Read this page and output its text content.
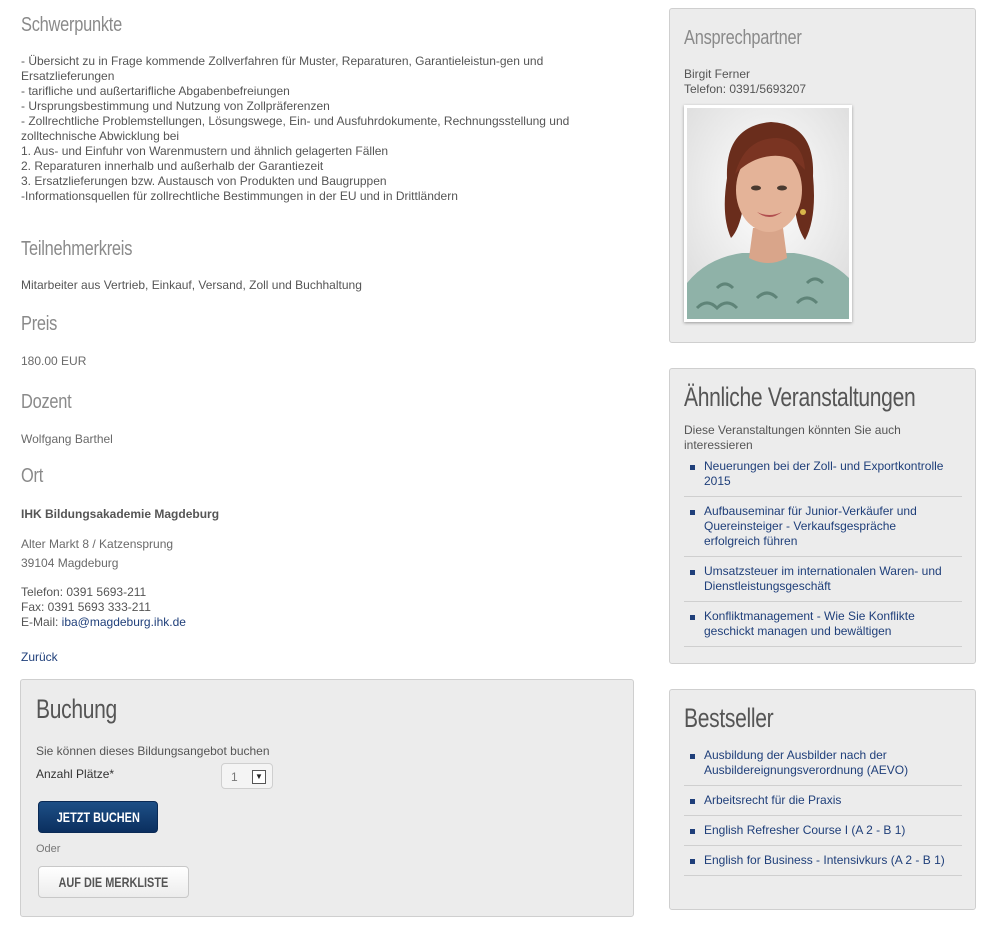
Schwerpunkte
- Übersicht zu in Frage kommende Zollverfahren für Muster, Reparaturen, Garantieleistun-gen und Ersatzlieferungen
- tarifliche und außertarifliche Abgabenbefreiungen
- Ursprungsbestimmung und Nutzung von Zollpräferenzen
- Zollrechtliche Problemstellungen, Lösungswege, Ein- und Ausfuhrdokumente, Rechnungsstellung und zolltechnische Abwicklung bei
1. Aus- und Einfuhr von Warenmustern und ähnlich gelagerten Fällen
2. Reparaturen innerhalb und außerhalb der Garantiezeit
3. Ersatzlieferungen bzw. Austausch von Produkten und Baugruppen
-Informationsquellen für zollrechtliche Bestimmungen in der EU und in Drittländern
Teilnehmerkreis
Mitarbeiter aus Vertrieb, Einkauf, Versand, Zoll und Buchhaltung
Preis
180.00 EUR
Dozent
Wolfgang Barthel
Ort
IHK Bildungsakademie Magdeburg
Alter Markt 8 / Katzensprung
39104 Magdeburg
Telefon: 0391 5693-211
Fax: 0391 5693 333-211
E-Mail: iba@magdeburg.ihk.de
Zurück
Buchung
Sie können dieses Bildungsangebot buchen
Anzahl Plätze*	1	▼
JETZT BUCHEN
Oder
AUF DIE MERKLISTE
Ansprechpartner
Birgit Ferner
Telefon: 0391/5693207
Ähnliche Veranstaltungen
Diese Veranstaltungen könnten Sie auch interessieren
Neuerungen bei der Zoll- und Exportkontrolle 2015
Aufbauseminar für Junior-Verkäufer und Quereinsteiger - Verkaufsgespräche erfolgreich führen
Umsatzsteuer im internationalen Waren- und Dienstleistungsgeschäft
Konfliktmanagement - Wie Sie Konflikte geschickt managen und bewältigen
Bestseller
Ausbildung der Ausbilder nach der Ausbildereignungsverordnung (AEVO)
Arbeitsrecht für die Praxis
English Refresher Course I (A 2 - B 1)
English for Business - Intensivkurs (A 2 - B 1)
